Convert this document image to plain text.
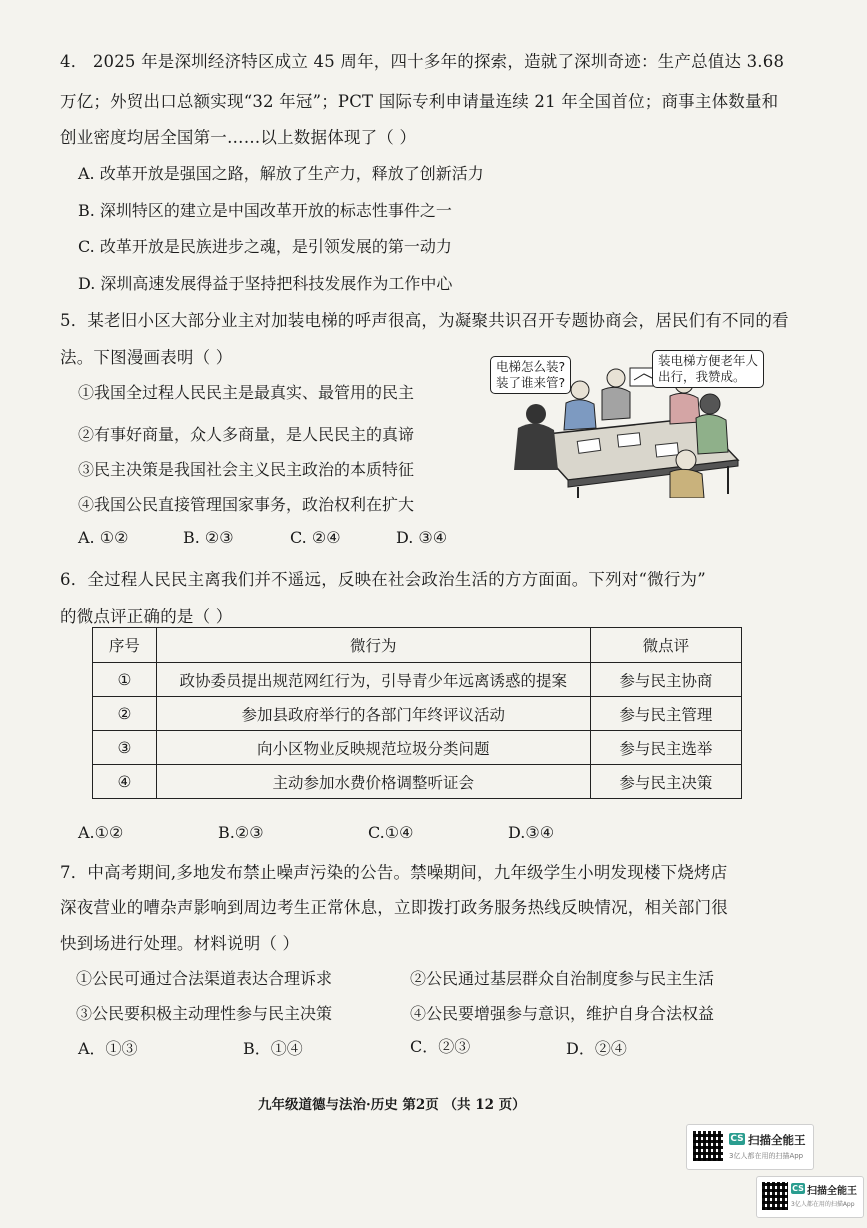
4． 2025 年是深圳经济特区成立 45 周年，四十多年的探索，造就了深圳奇迹：生产总值达 3.68
万亿；外贸出口总额实现“32 年冠”；PCT 国际专利申请量连续 21 年全国首位；商事主体数量和
创业密度均居全国第一……以上数据体现了（ ）
A. 改革开放是强国之路，解放了生产力，释放了创新活力
B. 深圳特区的建立是中国改革开放的标志性事件之一
C. 改革开放是民族进步之魂，是引领发展的第一动力
D. 深圳高速发展得益于坚持把科技发展作为工作中心
5．某老旧小区大部分业主对加装电梯的呼声很高，为凝聚共识召开专题协商会，居民们有不同的看
法。下图漫画表明（ ）
①我国全过程人民民主是最真实、最管用的民主
②有事好商量，众人多商量，是人民民主的真谛
③民主决策是我国社会主义民主政治的本质特征
④我国公民直接管理国家事务，政治权利在扩大
A. ①②	B. ②③	C. ②④	D. ③④
电梯怎么装?
装了谁来管?
装电梯方便老年人
出行，我赞成。
6．全过程人民民主离我们并不遥远，反映在社会政治生活的方方面面。下列对“微行为”
的微点评正确的是（ ）
序号	微行为	微点评
①	政协委员提出规范网红行为，引导青少年远离诱惑的提案	参与民主协商
②	参加县政府举行的各部门年终评议活动	参与民主管理
③	向小区物业反映规范垃圾分类问题	参与民主选举
④	主动参加水费价格调整听证会	参与民主决策
A.①②	B.②③	C.①④	D.③④
7．中高考期间,多地发布禁止噪声污染的公告。禁噪期间，九年级学生小明发现楼下烧烤店
深夜营业的嘈杂声影响到周边考生正常休息，立即拨打政务服务热线反映情况，相关部门很
快到场进行处理。材料说明（ ）
①公民可通过合法渠道表达合理诉求	②公民通过基层群众自治制度参与民主生活
③公民要积极主动理性参与民主决策	④公民要增强参与意识，维护自身合法权益
A．①③	B．①④	C．②③	D．②④
九年级道德与法治·历史 第2页 （共 12 页）
CS 扫描全能王
3亿人都在用的扫描App
CS 扫描全能王
3亿人都在用的扫描App
